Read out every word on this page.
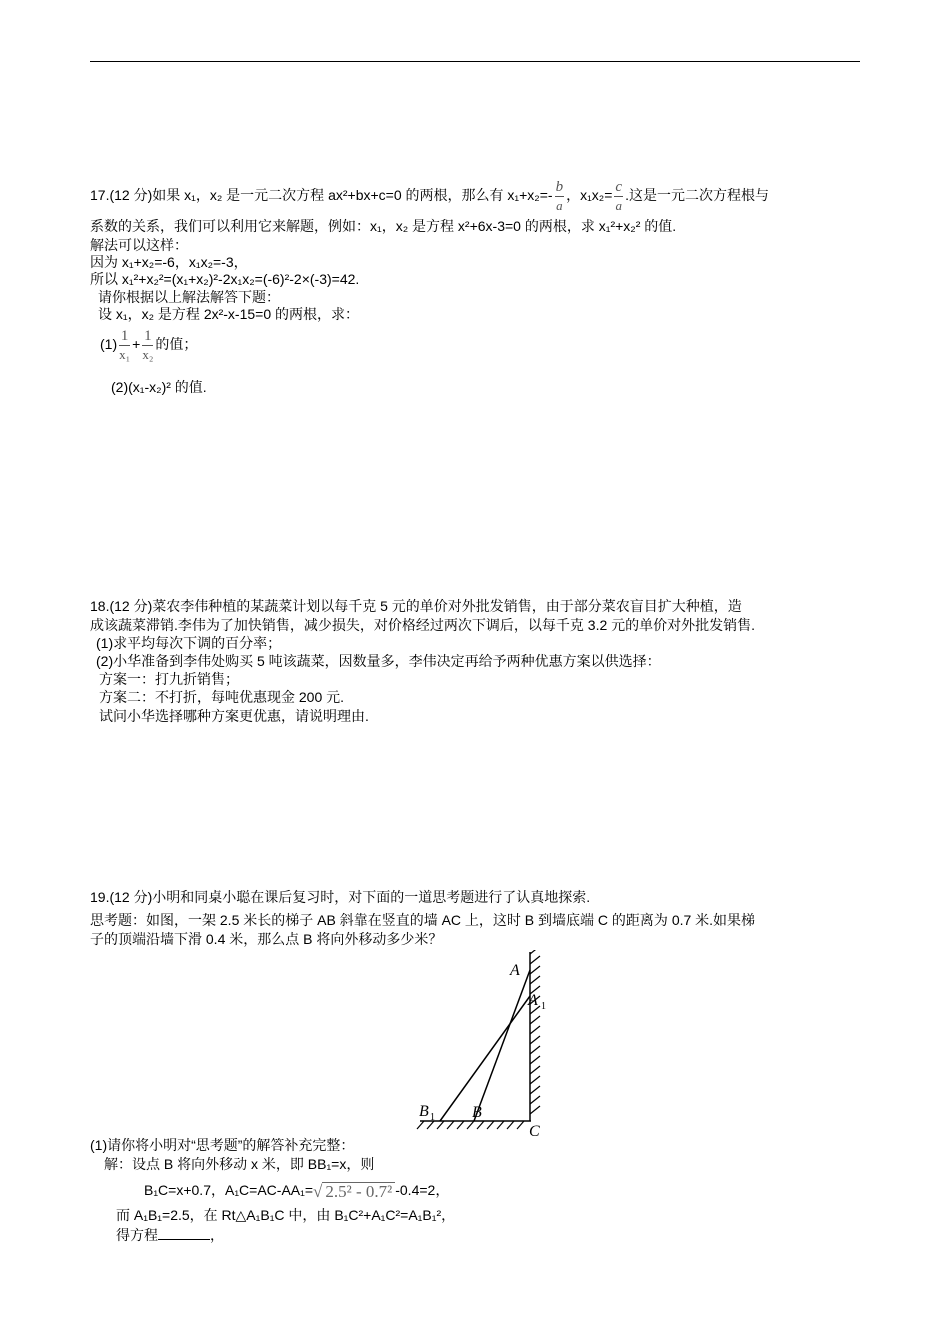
17.(12 分)如果 x₁，x₂ 是一元二次方程 ax²+bx+c=0 的两根，那么有 $x_1+x_2=- \frac{b}{a}$ ，$x_1x_2= \frac{c}{a}$ .这是一元二次方程根与
系数的关系，我们可以利用它来解题，例如：x₁，x₂ 是方程 x²+6x-3=0 的两根，求 x₁²+x₂² 的值.
解法可以这样：
因为 x₁+x₂=-6，x₁x₂=-3，
所以 x₁²+x₂²=(x₁+x₂)²-2x₁x₂=(-6)²-2×(-3)=42.
请你根据以上解法解答下题：
设 x₁，x₂ 是方程 2x²-x-15=0 的两根，求：
$(1) \frac{1}{\text{x₁}} + \frac{1}{\text{x₂}}$ 的值；
(2)(x₁-x₂)² 的值.
18.(12 分)菜农李伟种植的某蔬菜计划以每千克 5 元的单价对外批发销售，由于部分菜农盲目扩大种植，造
成该蔬菜滞销.李伟为了加快销售，减少损失，对价格经过两次下调后，以每千克 3.2 元的单价对外批发销售.
(1)求平均每次下调的百分率；
(2)小华准备到李伟处购买 5 吨该蔬菜，因数量多，李伟决定再给予两种优惠方案以供选择：
方案一：打九折销售；
方案二：不打折，每吨优惠现金 200 元.
试问小华选择哪种方案更优惠，请说明理由.
19.(12 分)小明和同桌小聪在课后复习时，对下面的一道思考题进行了认真地探索.
思考题：如图，一架 2.5 米长的梯子 AB 斜靠在竖直的墙 AC 上，这时 B 到墙底端 C 的距离为 0.7 米.如果梯
子的顶端沿墙下滑 0.4 米，那么点 B 将向外移动多少米？
A
A 1
B 1 B
C
(1)请你将小明对“思考题”的解答补充完整：
解：设点 B 将向外移动 x 米，即 BB₁=x，则
B₁C=x+0.7，A₁C=AC-AA₁=√ 2.5² - 0.7² -0.4=2，
而 A₁B₁=2.5，在 Rt△A₁B₁C 中，由 B₁C²+A₁C²=A₁B₁²，
得方程	，
